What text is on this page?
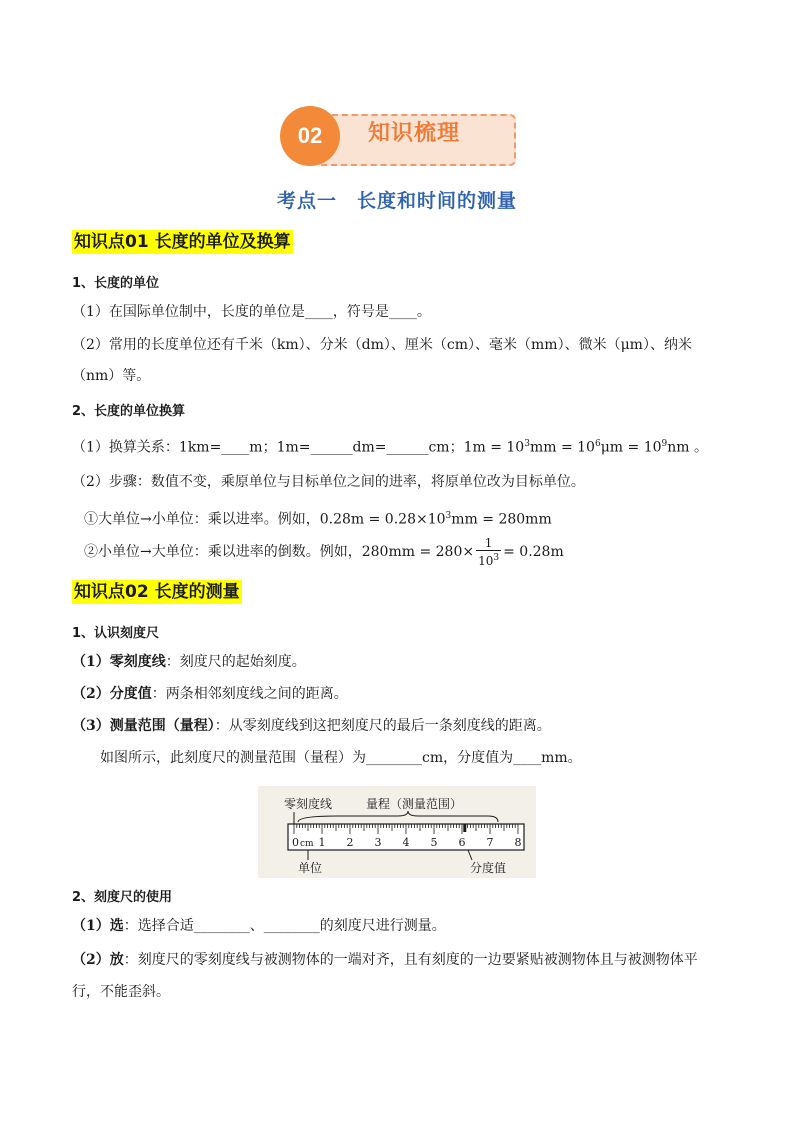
02	知识梳理
考点一　长度和时间的测量
知识点01 长度的单位及换算
1、长度的单位
（1）在国际单位制中，长度的单位是____，符号是____。
（2）常用的长度单位还有千米（km）、分米（dm）、厘米（cm）、毫米（mm）、微米（μm）、纳米
（nm）等。
2、长度的单位换算
（1）换算关系：1km=____m；1m=______dm=______cm；$1m = 10^3mm = 10^6\mu m = 10^9nm$ 。
（2）步骤：数值不变，乘原单位与目标单位之间的进率，将原单位改为目标单位。
①大单位→小单位：乘以进率。例如，$0.28m = 0.28\times 10^3mm = 280mm$
②小单位→大单位：乘以进率的倒数。例如，$280mm = 280\times \frac{1}{10^3} = 0.28m$
知识点02 长度的测量
1、认识刻度尺
（1）零刻度线：刻度尺的起始刻度。
（2）分度值：两条相邻刻度线之间的距离。
（3）测量范围（量程）：从零刻度线到这把刻度尺的最后一条刻度线的距离。
如图所示，此刻度尺的测量范围（量程）为________cm，分度值为____mm。
零刻度线	量程（测量范围）
1 2 3 4 5 6 7 8
0 cm
单位	分度值
2、刻度尺的使用
（1）选：选择合适________、________的刻度尺进行测量。
（2）放：刻度尺的零刻度线与被测物体的一端对齐，且有刻度的一边要紧贴被测物体且与被测物体平
行，不能歪斜。
